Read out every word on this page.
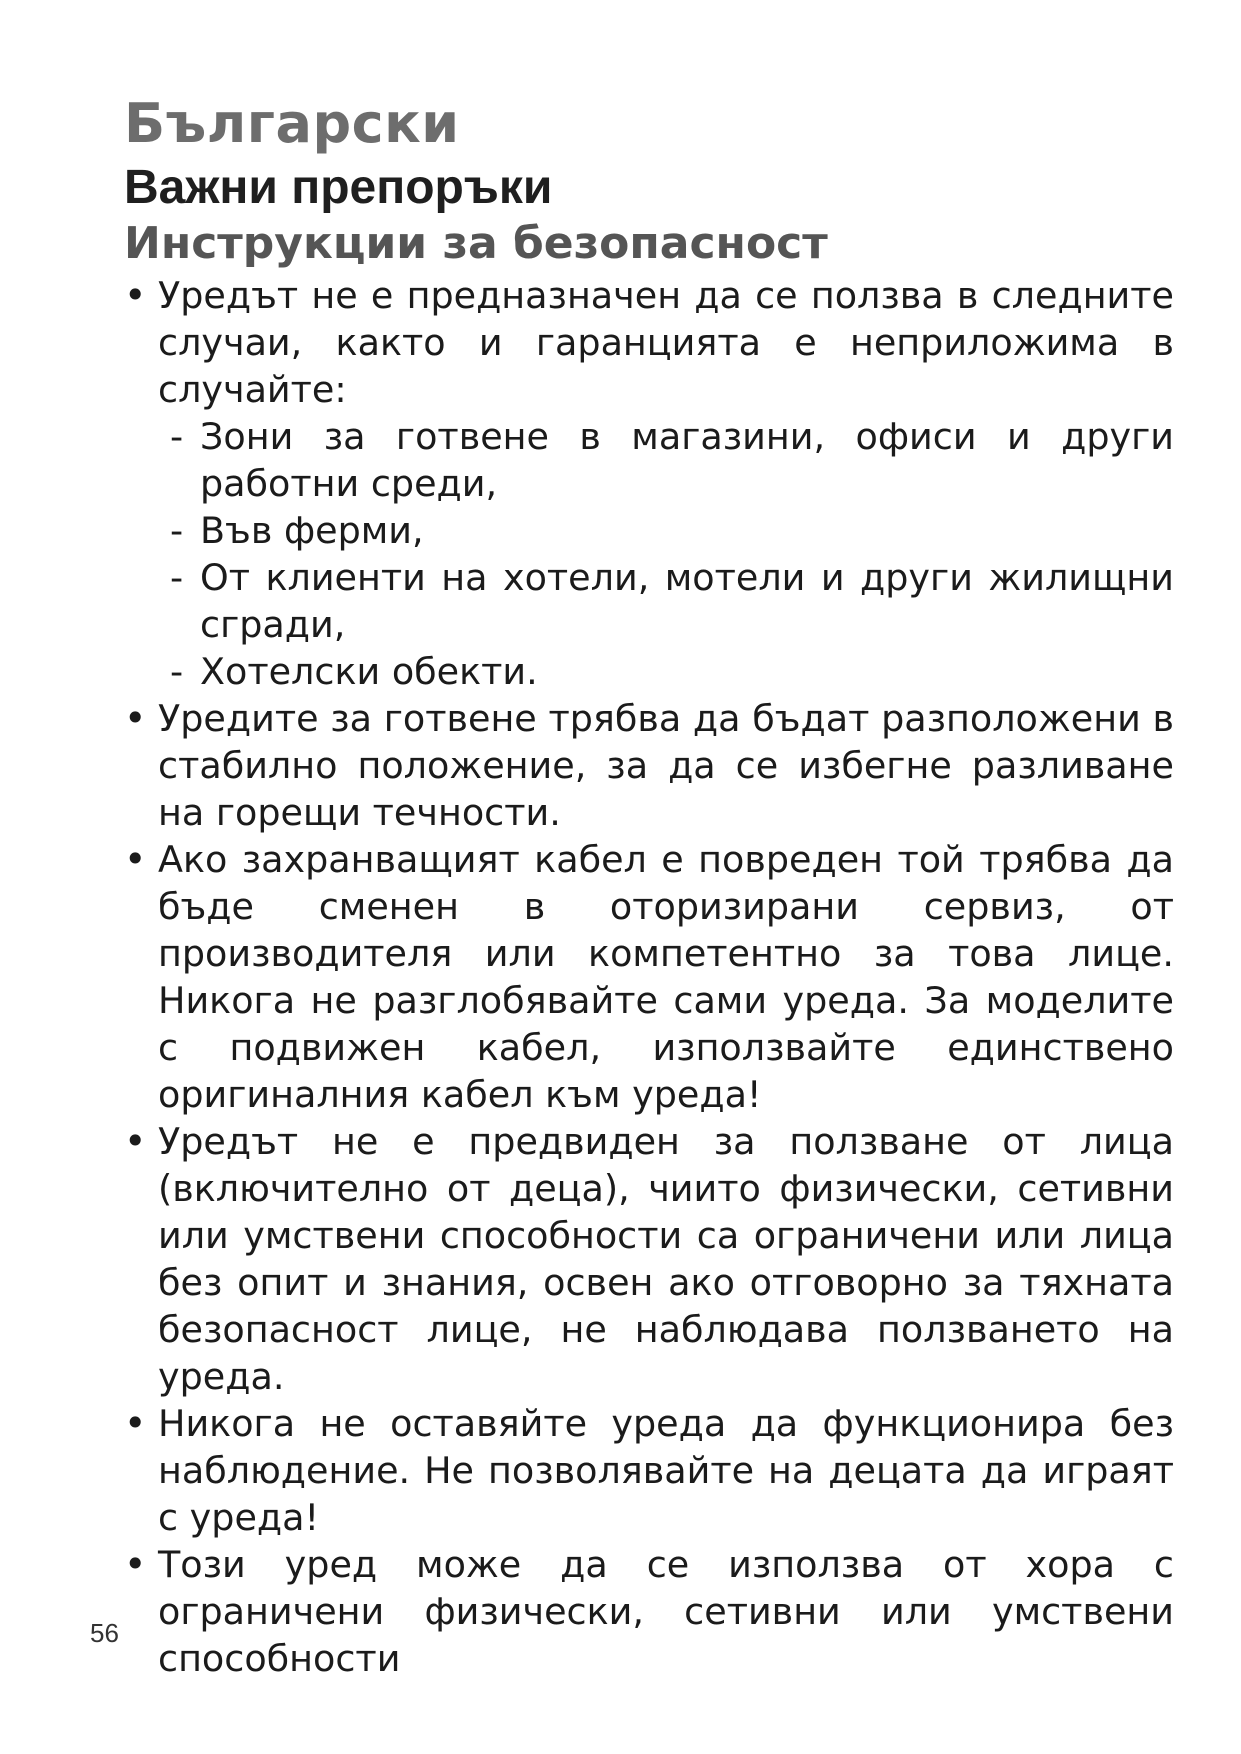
Български
Важни препоръки
Инструкции за безопасност
• Уредът не е предназначен да се ползва в следните случаи, както и гаранцията е неприложима в случайте:
- Зони за готвене в магазини, офиси и други работни среди,
- Във ферми,
- От клиенти на хотели, мотели и други жилищни сгради,
- Хотелски обекти.
• Уредите за готвене трябва да бъдат разположени в стабилно положение, за да се избегне разливане на горещи течности.
• Ако захранващият кабел е повреден той трябва да бъде сменен в оторизирани сервиз, от производителя или компетентно за това лице. Никога не разглобявайте сами уреда. За моделите с подвижен кабел, използвайте единствено оригиналния кабел към уреда!
• Уредът не е предвиден за ползване от лица (включително от деца), чиито физически, сетивни или умствени способности са ограничени или лица без опит и знания, освен ако отговорно за тяхната безопасност лице, не наблюдава ползването на уреда.
• Никога не оставяйте уреда да функционира без наблюдение. Не позволявайте на децата да играят с уреда!
• Този уред може да се използва от хора с ограничени физически, сетивни или умствени способности
56
